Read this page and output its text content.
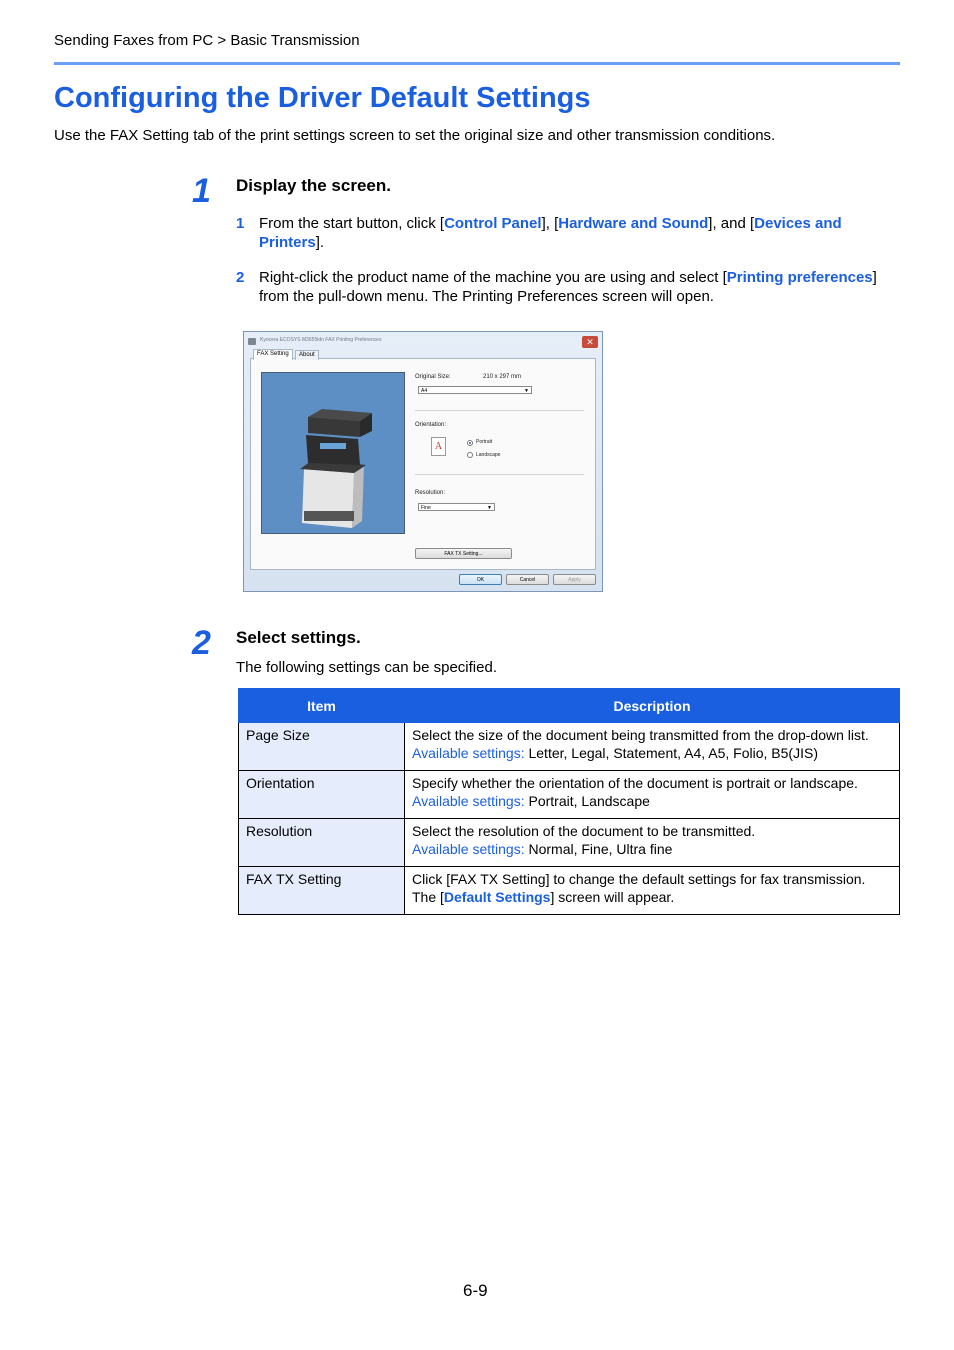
Sending Faxes from PC > Basic Transmission
Configuring the Driver Default Settings
Use the FAX Setting tab of the print settings screen to set the original size and other transmission conditions.
1 Display the screen.
1 From the start button, click [Control Panel], [Hardware and Sound], and [Devices and Printers].
2 Right-click the product name of the machine you are using and select [Printing preferences] from the pull-down menu. The Printing Preferences screen will open.
Kyocera ECOSYS M3655idn FAX Printing Preferences	✕
FAX Setting	About
Original Size:	210 x 297 mm
A4	▼
Orientation:
A	Portrait
Landscape
Resolution:
Fine	▼
FAX TX Setting...
OK	Cancel	Apply
2 Select settings.
The following settings can be specified.
Item	Description
Page Size	Select the size of the document being transmitted from the drop-down list.
Available settings: Letter, Legal, Statement, A4, A5, Folio, B5(JIS)

Orientation	Specify whether the orientation of the document is portrait or landscape.
Available settings: Portrait, Landscape

Resolution	Select the resolution of the document to be transmitted.
Available settings: Normal, Fine, Ultra fine

FAX TX Setting	Click [FAX TX Setting] to change the default settings for fax transmission.
The [Default Settings] screen will appear.
6-9
